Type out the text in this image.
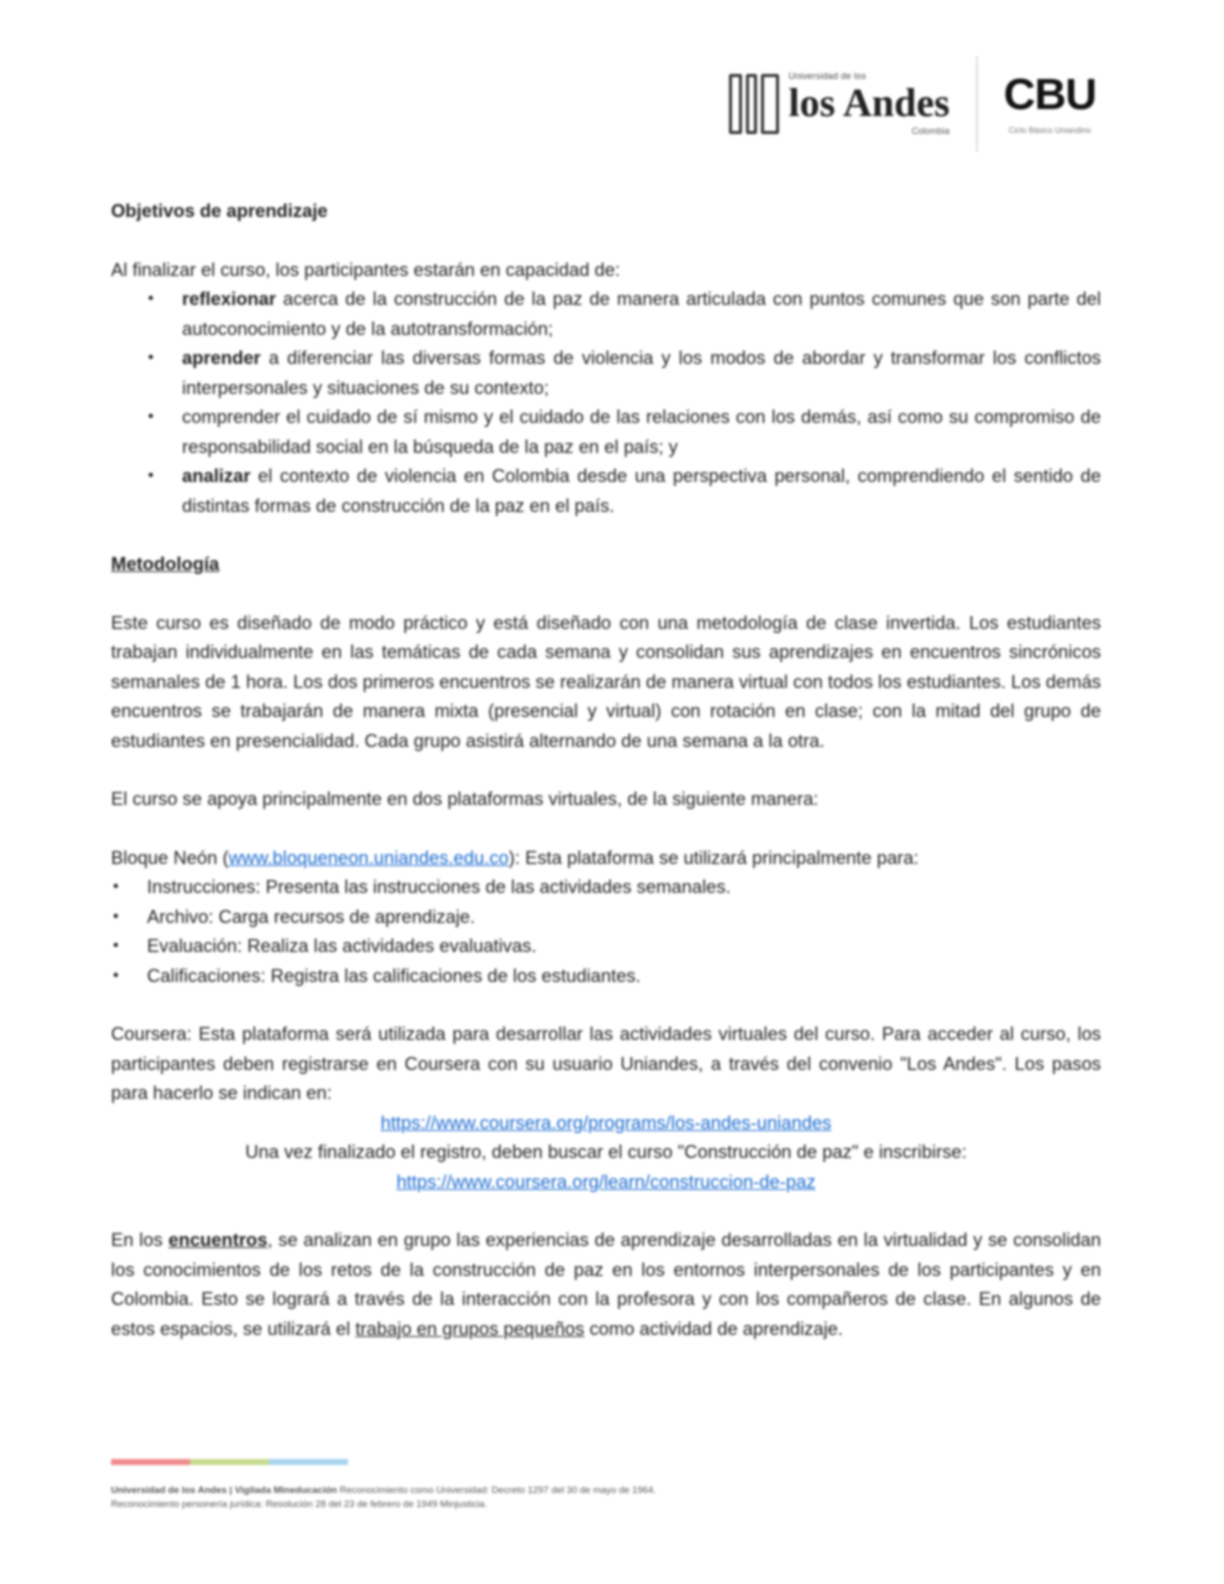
Universidad de los
los Andes
Colombia
CBU
Ciclo Básico Uniandino
Objetivos de aprendizaje

Al finalizar el curso, los participantes estarán en capacidad de:

• reflexionar acerca de la construcción de la paz de manera articulada con puntos comunes que son parte del autoconocimiento y de la autotransformación;
• aprender a diferenciar las diversas formas de violencia y los modos de abordar y transformar los conflictos interpersonales y situaciones de su contexto;
• comprender el cuidado de sí mismo y el cuidado de las relaciones con los demás, así como su compromiso de responsabilidad social en la búsqueda de la paz en el país; y
• analizar el contexto de violencia en Colombia desde una perspectiva personal, comprendiendo el sentido de distintas formas de construcción de la paz en el país.
Metodología

Este curso es diseñado de modo práctico y está diseñado con una metodología de clase invertida. Los estudiantes trabajan individualmente en las temáticas de cada semana y consolidan sus aprendizajes en encuentros sincrónicos semanales de 1 hora. Los dos primeros encuentros se realizarán de manera virtual con todos los estudiantes. Los demás encuentros se trabajarán de manera mixta (presencial y virtual) con rotación en clase; con la mitad del grupo de estudiantes en presencialidad. Cada grupo asistirá alternando de una semana a la otra.

El curso se apoya principalmente en dos plataformas virtuales, de la siguiente manera:

Bloque Neón (www.bloqueneon.uniandes.edu.co): Esta plataforma se utilizará principalmente para:

• Instrucciones: Presenta las instrucciones de las actividades semanales.
• Archivo: Carga recursos de aprendizaje.
• Evaluación: Realiza las actividades evaluativas.
• Calificaciones: Registra las calificaciones de los estudiantes.

Coursera: Esta plataforma será utilizada para desarrollar las actividades virtuales del curso. Para acceder al curso, los participantes deben registrarse en Coursera con su usuario Uniandes, a través del convenio "Los Andes". Los pasos para hacerlo se indican en:

https://www.coursera.org/programs/los-andes-uniandes
Una vez finalizado el registro, deben buscar el curso "Construcción de paz" e inscribirse:
https://www.coursera.org/learn/construccion-de-paz

En los encuentros, se analizan en grupo las experiencias de aprendizaje desarrolladas en la virtualidad y se consolidan los conocimientos de los retos de la construcción de paz en los entornos interpersonales de los participantes y en Colombia. Esto se logrará a través de la interacción con la profesora y con los compañeros de clase. En algunos de estos espacios, se utilizará el trabajo en grupos pequeños como actividad de aprendizaje.

Universidad de los Andes | Vigilada Mineducación Reconocimiento como Universidad: Decreto 1297 del 30 de mayo de 1964.
Reconocimiento personería jurídica: Resolución 28 del 23 de febrero de 1949 Minjusticia.
